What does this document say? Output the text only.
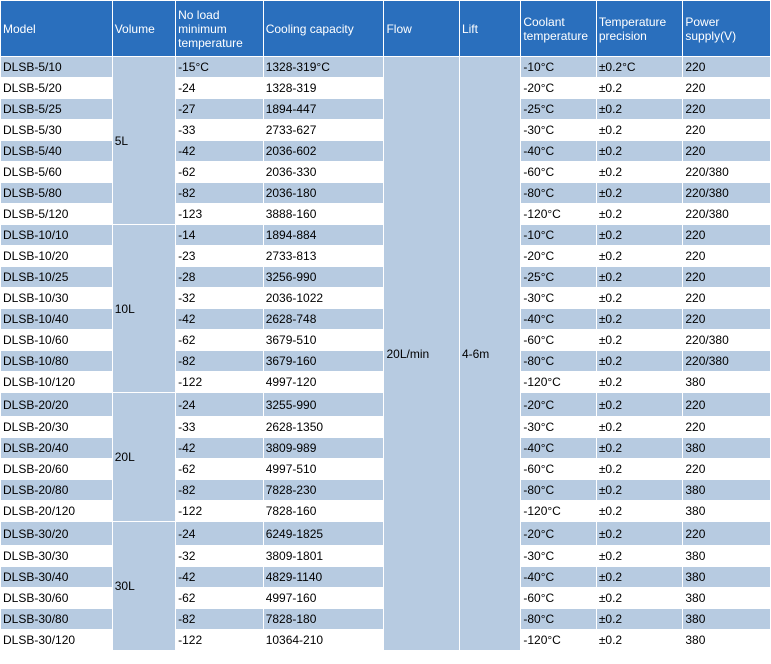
Model	Volume	No load minimum temperature	Cooling capacity	Flow	Lift	Coolant temperature	Temperature precision	Power supply(V)
DLSB-5/10	5L	-15°C	1328-319°C	20L/min	4-6m	-10°C	±0.2°C	220
DLSB-5/20		-24	1328-319			-20°C	±0.2	220
DLSB-5/25		-27	1894-447			-25°C	±0.2	220
DLSB-5/30		-33	2733-627			-30°C	±0.2	220
DLSB-5/40		-42	2036-602			-40°C	±0.2	220
DLSB-5/60		-62	2036-330			-60°C	±0.2	220/380
DLSB-5/80		-82	2036-180			-80°C	±0.2	220/380
DLSB-5/120		-123	3888-160			-120°C	±0.2	220/380
DLSB-10/10	10L	-14	1894-884			-10°C	±0.2	220
DLSB-10/20		-23	2733-813			-20°C	±0.2	220
DLSB-10/25		-28	3256-990			-25°C	±0.2	220
DLSB-10/30		-32	2036-1022			-30°C	±0.2	220
DLSB-10/40		-42	2628-748			-40°C	±0.2	220
DLSB-10/60		-62	3679-510			-60°C	±0.2	220/380
DLSB-10/80		-82	3679-160			-80°C	±0.2	220/380
DLSB-10/120		-122	4997-120			-120°C	±0.2	380
DLSB-20/20	20L	-24	3255-990			-20°C	±0.2	220
DLSB-20/30		-33	2628-1350			-30°C	±0.2	220
DLSB-20/40		-42	3809-989			-40°C	±0.2	380
DLSB-20/60		-62	4997-510			-60°C	±0.2	220
DLSB-20/80		-82	7828-230			-80°C	±0.2	380
DLSB-20/120		-122	7828-160			-120°C	±0.2	380
DLSB-30/20	30L	-24	6249-1825			-20°C	±0.2	220
DLSB-30/30		-32	3809-1801			-30°C	±0.2	380
DLSB-30/40		-42	4829-1140			-40°C	±0.2	380
DLSB-30/60		-62	4997-160			-60°C	±0.2	380
DLSB-30/80		-82	7828-180			-80°C	±0.2	380
DLSB-30/120		-122	10364-210			-120°C	±0.2	380
